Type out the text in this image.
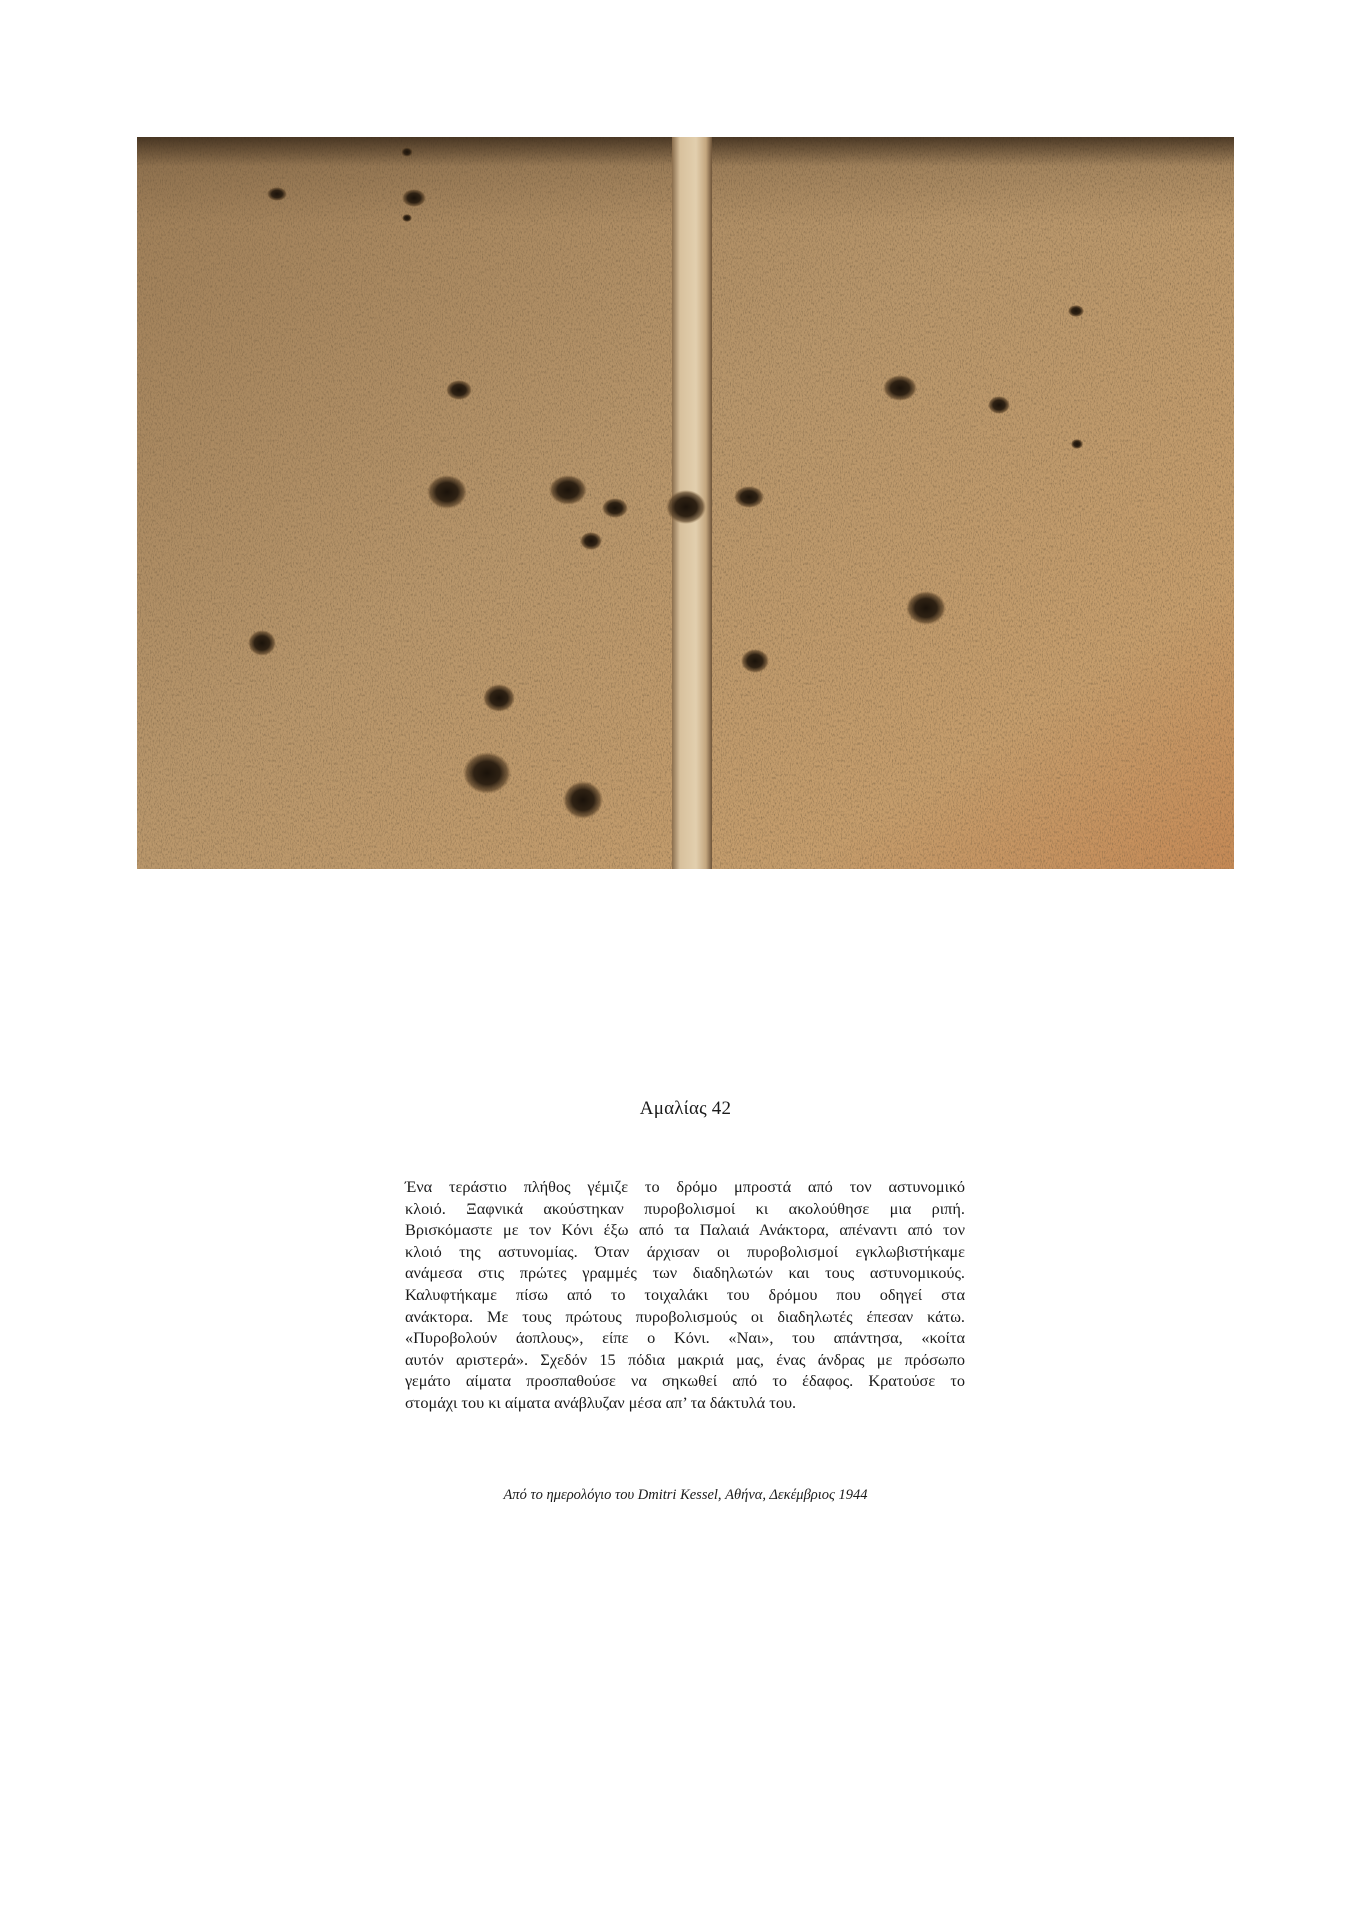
Αμαλίας 42
Ένα τεράστιο πλήθος γέμιζε το δρόμο μπροστά από τον αστυνομικό
κλοιό. Ξαφνικά ακούστηκαν πυροβολισμοί κι ακολούθησε μια ριπή.
Βρισκόμαστε με τον Κόνι έξω από τα Παλαιά Ανάκτορα, απέναντι από τον
κλοιό της αστυνομίας. Όταν άρχισαν οι πυροβολισμοί εγκλωβιστήκαμε
ανάμεσα στις πρώτες γραμμές των διαδηλωτών και τους αστυνομικούς.
Καλυφτήκαμε πίσω από το τοιχαλάκι του δρόμου που οδηγεί στα
ανάκτορα. Με τους πρώτους πυροβολισμούς οι διαδηλωτές έπεσαν κάτω.
«Πυροβολούν άοπλους», είπε ο Κόνι. «Ναι», του απάντησα, «κοίτα
αυτόν αριστερά». Σχεδόν 15 πόδια μακριά μας, ένας άνδρας με πρόσωπο
γεμάτο αίματα προσπαθούσε να σηκωθεί από το έδαφος. Κρατούσε το
στομάχι του κι αίματα ανάβλυζαν μέσα απ’ τα δάκτυλά του.
Από το ημερολόγιο του Dmitri Kessel, Αθήνα, Δεκέμβριος 1944
